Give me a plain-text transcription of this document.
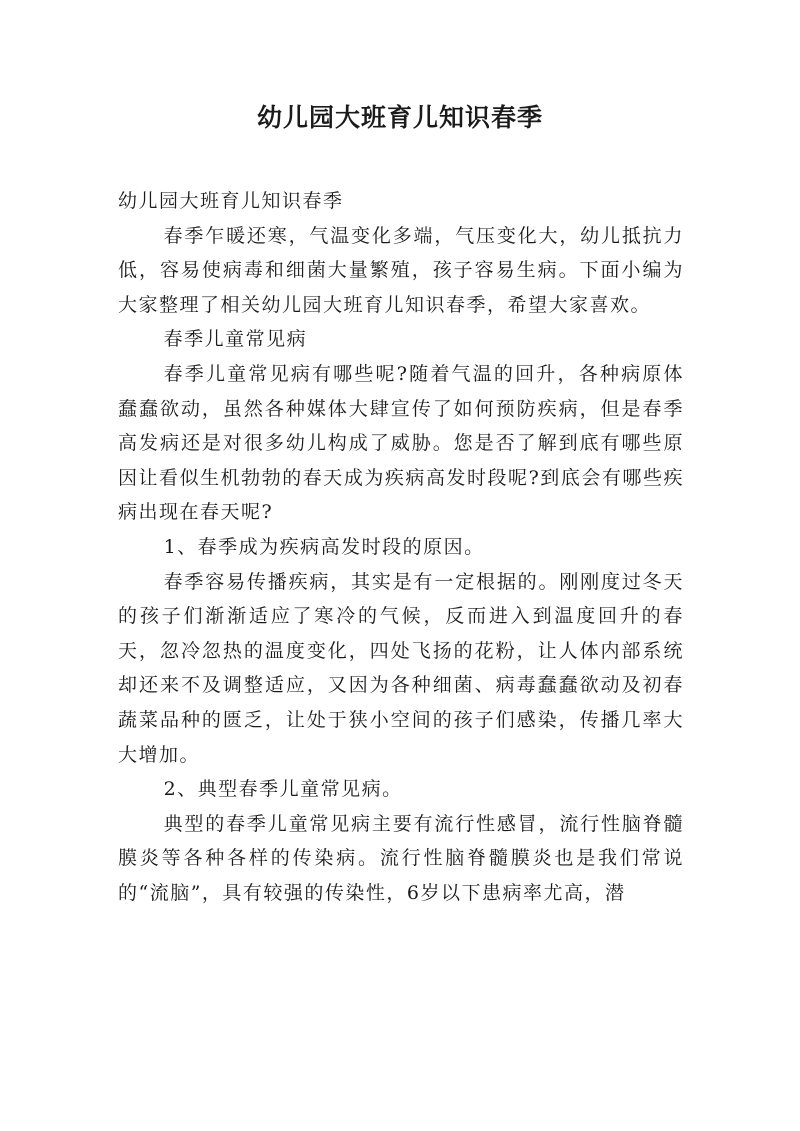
幼儿园大班育儿知识春季

幼儿园大班育儿知识春季

春季乍暖还寒，气温变化多端，气压变化大，幼儿抵抗力低，容易使病毒和细菌大量繁殖，孩子容易生病。下面小编为大家整理了相关幼儿园大班育儿知识春季，希望大家喜欢。

春季儿童常见病

春季儿童常见病有哪些呢?随着气温的回升，各种病原体蠢蠢欲动，虽然各种媒体大肆宣传了如何预防疾病，但是春季高发病还是对很多幼儿构成了威胁。您是否了解到底有哪些原因让看似生机勃勃的春天成为疾病高发时段呢?到底会有哪些疾病出现在春天呢?

1、春季成为疾病高发时段的原因。

春季容易传播疾病，其实是有一定根据的。刚刚度过冬天的孩子们渐渐适应了寒冷的气候，反而进入到温度回升的春天，忽冷忽热的温度变化，四处飞扬的花粉，让人体内部系统却还来不及调整适应，又因为各种细菌、病毒蠢蠢欲动及初春蔬菜品种的匮乏，让处于狭小空间的孩子们感染，传播几率大大增加。

2、典型春季儿童常见病。

典型的春季儿童常见病主要有流行性感冒，流行性脑脊髓膜炎等各种各样的传染病。流行性脑脊髓膜炎也是我们常说的“流脑”，具有较强的传染性，6岁以下患病率尤高，潜
